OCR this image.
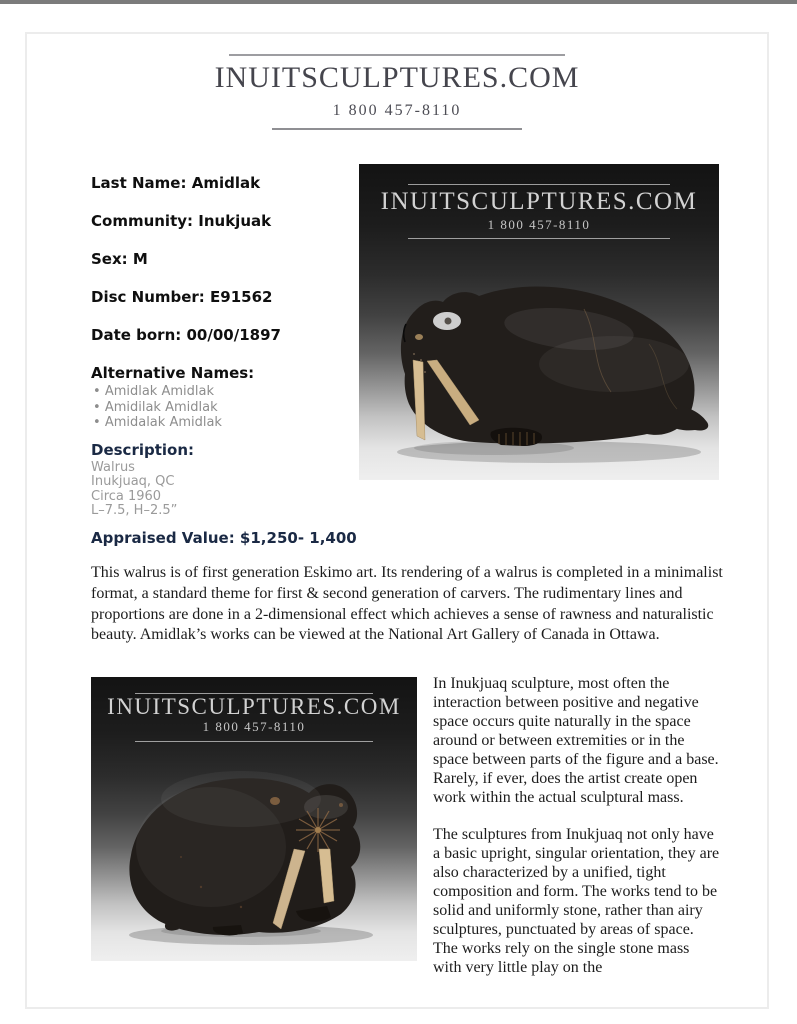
INUITSCULPTURES.COM
1 800 457-8110
Last Name: Amidlak
Community: Inukjuak
Sex: M
Disc Number: E91562
Date born: 00/00/1897
Alternative Names:
• Amidlak Amidlak
• Amidilak Amidlak
• Amidalak Amidlak
Description:
Walrus
Inukjuaq, QC
Circa 1960
L–7.5, H–2.5”
INUITSCULPTURES.COM
1 800 457-8110
Appraised Value: $1,250- 1,400
This walrus is of first generation Eskimo art. Its rendering of a walrus is completed in a minimalist format, a standard theme for first & second generation of carvers. The rudimentary lines and proportions are done in a 2-dimensional effect which achieves a sense of rawness and naturalistic beauty. Amidlak’s works can be viewed at the National Art Gallery of Canada in Ottawa.
INUITSCULPTURES.COM
1 800 457-8110

In Inukjuaq sculpture, most often the interaction between positive and negative space occurs quite naturally in the space around or between extremities or in the space between parts of the figure and a base. Rarely, if ever, does the artist create open work within the actual sculptural mass.

The sculptures from Inukjuaq not only have a basic upright, singular orientation, they are also characterized by a unified, tight composition and form. The works tend to be solid and uniformly stone, rather than airy sculptures, punctuated by areas of space. The works rely on the single stone mass with very little play on the
